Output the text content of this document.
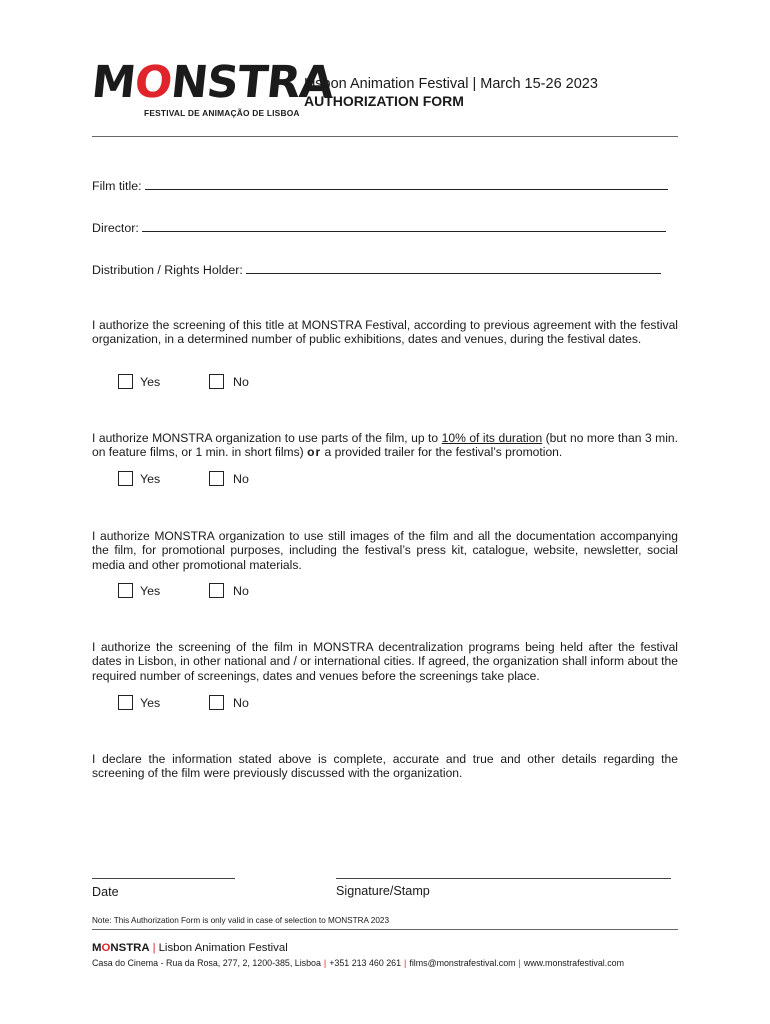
MONSTRA
FESTIVAL DE ANIMAÇÃO DE LISBOA
Lisbon Animation Festival | March 15-26 2023
AUTHORIZATION FORM
Film title:
Director:
Distribution / Rights Holder:
I authorize the screening of this title at MONSTRA Festival, according to previous agreement with the festival organization, in a determined number of public exhibitions, dates and venues, during the festival dates.
Yes	No
I authorize MONSTRA organization to use parts of the film, up to 10% of its duration (but no more than 3 min. on feature films, or 1 min. in short films) or a provided trailer for the festival’s promotion.
Yes	No
I authorize MONSTRA organization to use still images of the film and all the documentation accompanying the film, for promotional purposes, including the festival’s press kit, catalogue, website, newsletter, social media and other promotional materials.
Yes	No
I authorize the screening of the film in MONSTRA decentralization programs being held after the festival dates in Lisbon, in other national and / or international cities. If agreed, the organization shall inform about the required number of screenings, dates and venues before the screenings take place.
Yes	No
I declare the information stated above is complete, accurate and true and other details regarding the screening of the film were previously discussed with the organization.
Date	Signature/Stamp
Note: This Authorization Form is only valid in case of selection to MONSTRA 2023
MONSTRA | Lisbon Animation Festival
Casa do Cinema - Rua da Rosa, 277, 2, 1200-385, Lisboa | +351 213 460 261 | films@monstrafestival.com | www.monstrafestival.com
